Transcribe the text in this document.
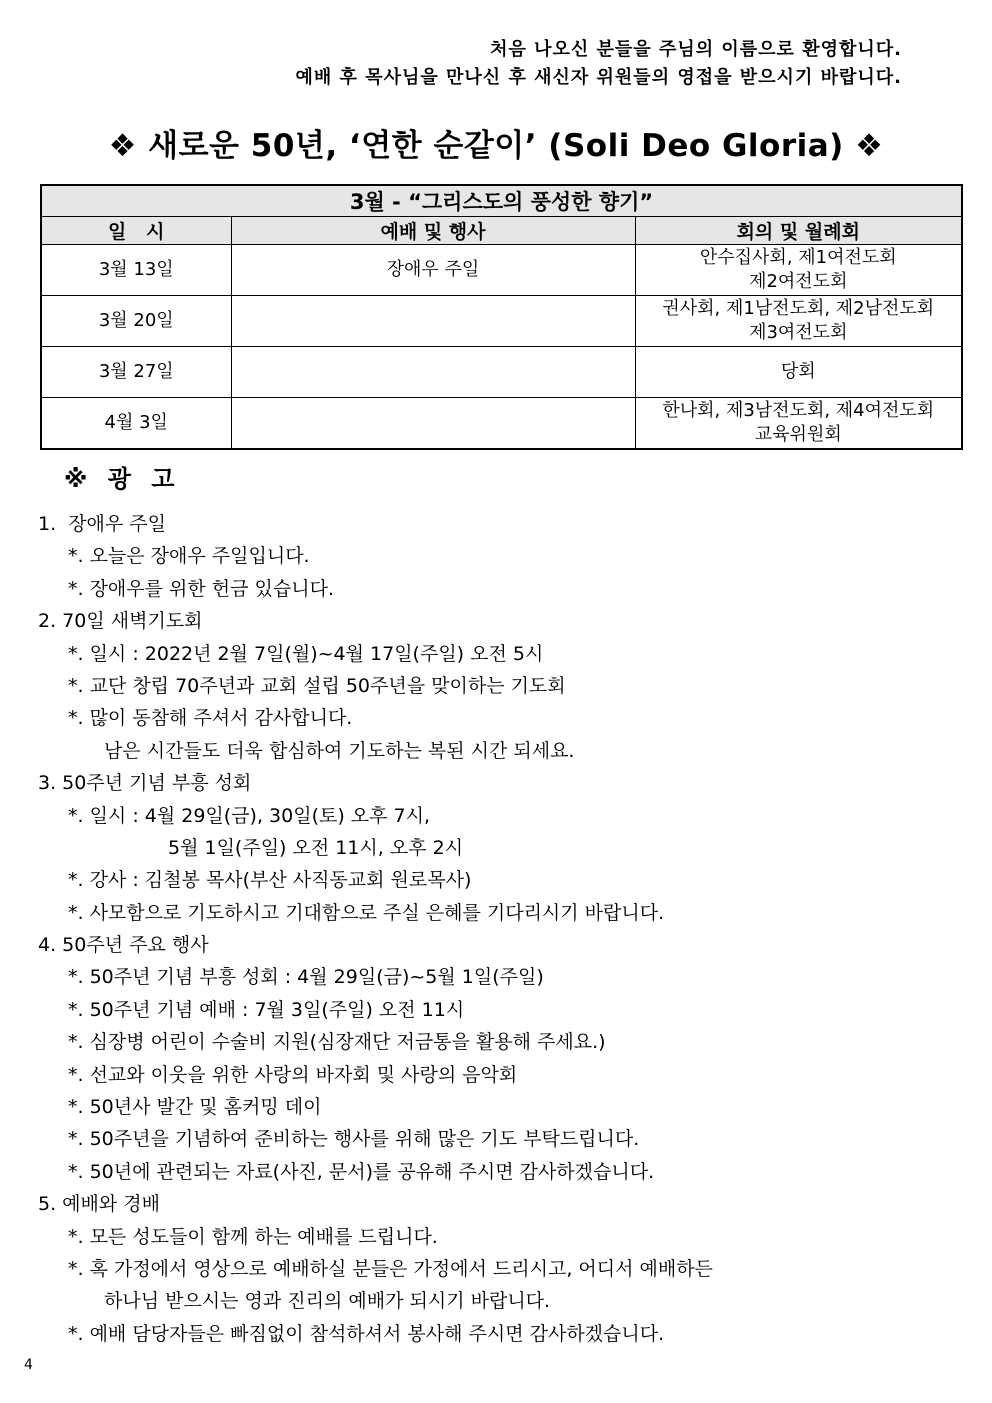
처음 나오신 분들을 주님의 이름으로 환영합니다.
예배 후 목사님을 만나신 후 새신자 위원들의 영접을 받으시기 바랍니다.
❖ 새로운 50년, ‘연한 순같이’ (Soli Deo Gloria) ❖
3월 - “그리스도의 풍성한 향기”		
일   시	예배 및 행사	회의 및 월례회
3월 13일	장애우 주일	안수집사회, 제1여전도회
제2여전도회

3월 20일		권사회, 제1남전도회, 제2남전도회
제3여전도회

3월 27일		당회

4월 3일		한나회, 제3남전도회, 제4여전도회
교육위원회
※ 광 고
1.  장애우 주일
*. 오늘은 장애우 주일입니다.
*. 장애우를 위한 헌금 있습니다.
2. 70일 새벽기도회
*. 일시 : 2022년 2월 7일(월)~4월 17일(주일) 오전 5시
*. 교단 창립 70주년과 교회 설립 50주년을 맞이하는 기도회
*. 많이 동참해 주셔서 감사합니다.
남은 시간들도 더욱 합심하여 기도하는 복된 시간 되세요.
3. 50주년 기념 부흥 성회
*. 일시 : 4월 29일(금), 30일(토) 오후 7시,
5월 1일(주일) 오전 11시, 오후 2시
*. 강사 : 김철봉 목사(부산 사직동교회 원로목사)
*. 사모함으로 기도하시고 기대함으로 주실 은혜를 기다리시기 바랍니다.
4. 50주년 주요 행사
*. 50주년 기념 부흥 성회 : 4월 29일(금)~5월 1일(주일)
*. 50주년 기념 예배 : 7월 3일(주일) 오전 11시
*. 심장병 어린이 수술비 지원(심장재단 저금통을 활용해 주세요.)
*. 선교와 이웃을 위한 사랑의 바자회 및 사랑의 음악회
*. 50년사 발간 및 홈커밍 데이
*. 50주년을 기념하여 준비하는 행사를 위해 많은 기도 부탁드립니다.
*. 50년에 관련되는 자료(사진, 문서)를 공유해 주시면 감사하겠습니다.
5. 예배와 경배
*. 모든 성도들이 함께 하는 예배를 드립니다.
*. 혹 가정에서 영상으로 예배하실 분들은 가정에서 드리시고, 어디서 예배하든
하나님 받으시는 영과 진리의 예배가 되시기 바랍니다.
*. 예배 담당자들은 빠짐없이 참석하셔서 봉사해 주시면 감사하겠습니다.
4
